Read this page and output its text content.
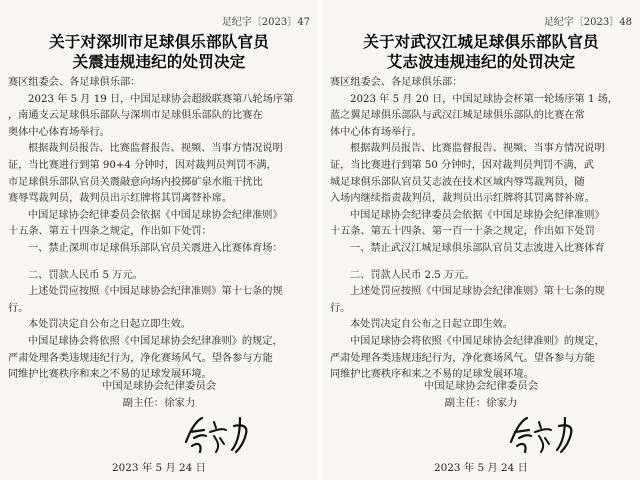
足纪字〔2023〕47
关于对深圳市足球俱乐部队官员
关震违规违纪的处罚决定

赛区组委会、各足球俱乐部：

2023 年 5 月 19 日，中国足球协会超级联赛第八轮场序第

，南通支云足球俱乐部队与深圳市足球俱乐部队的比赛在

奥体中心体育场举行。

根据裁判员报告、比赛监督报告、视频、当事方情况说明

证，当比赛进行到第 90+4 分钟时，因对裁判员判罚不满，

市足球俱乐部队官员关震敲意向场内投掷矿泉水瓶干扰比

赛辱骂裁判员，裁判员出示红牌将其罚离替补席。

中国足球协会纪律委员会依据《中国足球协会纪律准则》

十五条、第五十四条之规定，作出如下处罚：

一、禁止深圳市足球俱乐部队官员关震进入比赛体育场：

二、罚款人民币 5 万元。

上述处罚应按照《中国足球协会纪律准则》第十七条的规

行。

本处罚决定自公布之日起立即生效。

中国足球协会将依照《中国足球协会纪律准则》的规定，

严肃处理各类违规违纪行为，净化赛场风气。望各参与方能

同维护比赛秩序和来之不易的足球发展环境。

中国足球协会纪律委员会
副主任：徐家力
2023 年 5 月 24 日
足纪字〔2023〕48
关于对武汉江城足球俱乐部队官员
艾志波违规违纪的处罚决定

赛区组委会、各足球俱乐部：

2023 年 5 月 20 日，中国足球协会杯第一轮场序第 1 场，

蓝之翼足球俱乐部队与武汉江城足球俱乐部队的比赛在常

体中心体育场举行。

根据裁判员报告、比赛监督报告、视频、当事方情况说明

证，当比赛进行到第 50 分钟时，因对裁判员判罚不满，武

城足球俱乐部队官员艾志波在技术区域内辱骂裁判员，随

入场内继续指责裁判员，裁判员出示红牌将其罚离替补席。

中国足球协会纪律委员会依据《中国足球协会纪律准则》

十五条、第五十四条、第一百一十条之规定，作出如下处罚

一、禁止武汉江城足球俱乐部队官员艾志波进入比赛体育

二、罚款人民币 2.5 万元。

上述处罚应按照《中国足球协会纪律准则》第十七条的规

行。

本处罚决定自公布之日起立即生效。

中国足球协会将依照《中国足球协会纪律准则》的规定，

严肃处理各类违规违纪行为，净化赛场风气。望各参与方能

同维护比赛秩序和来之不易的足球发展环境。

中国足球协会纪律委员会
副主任：徐家力
2023 年 5 月 24 日
